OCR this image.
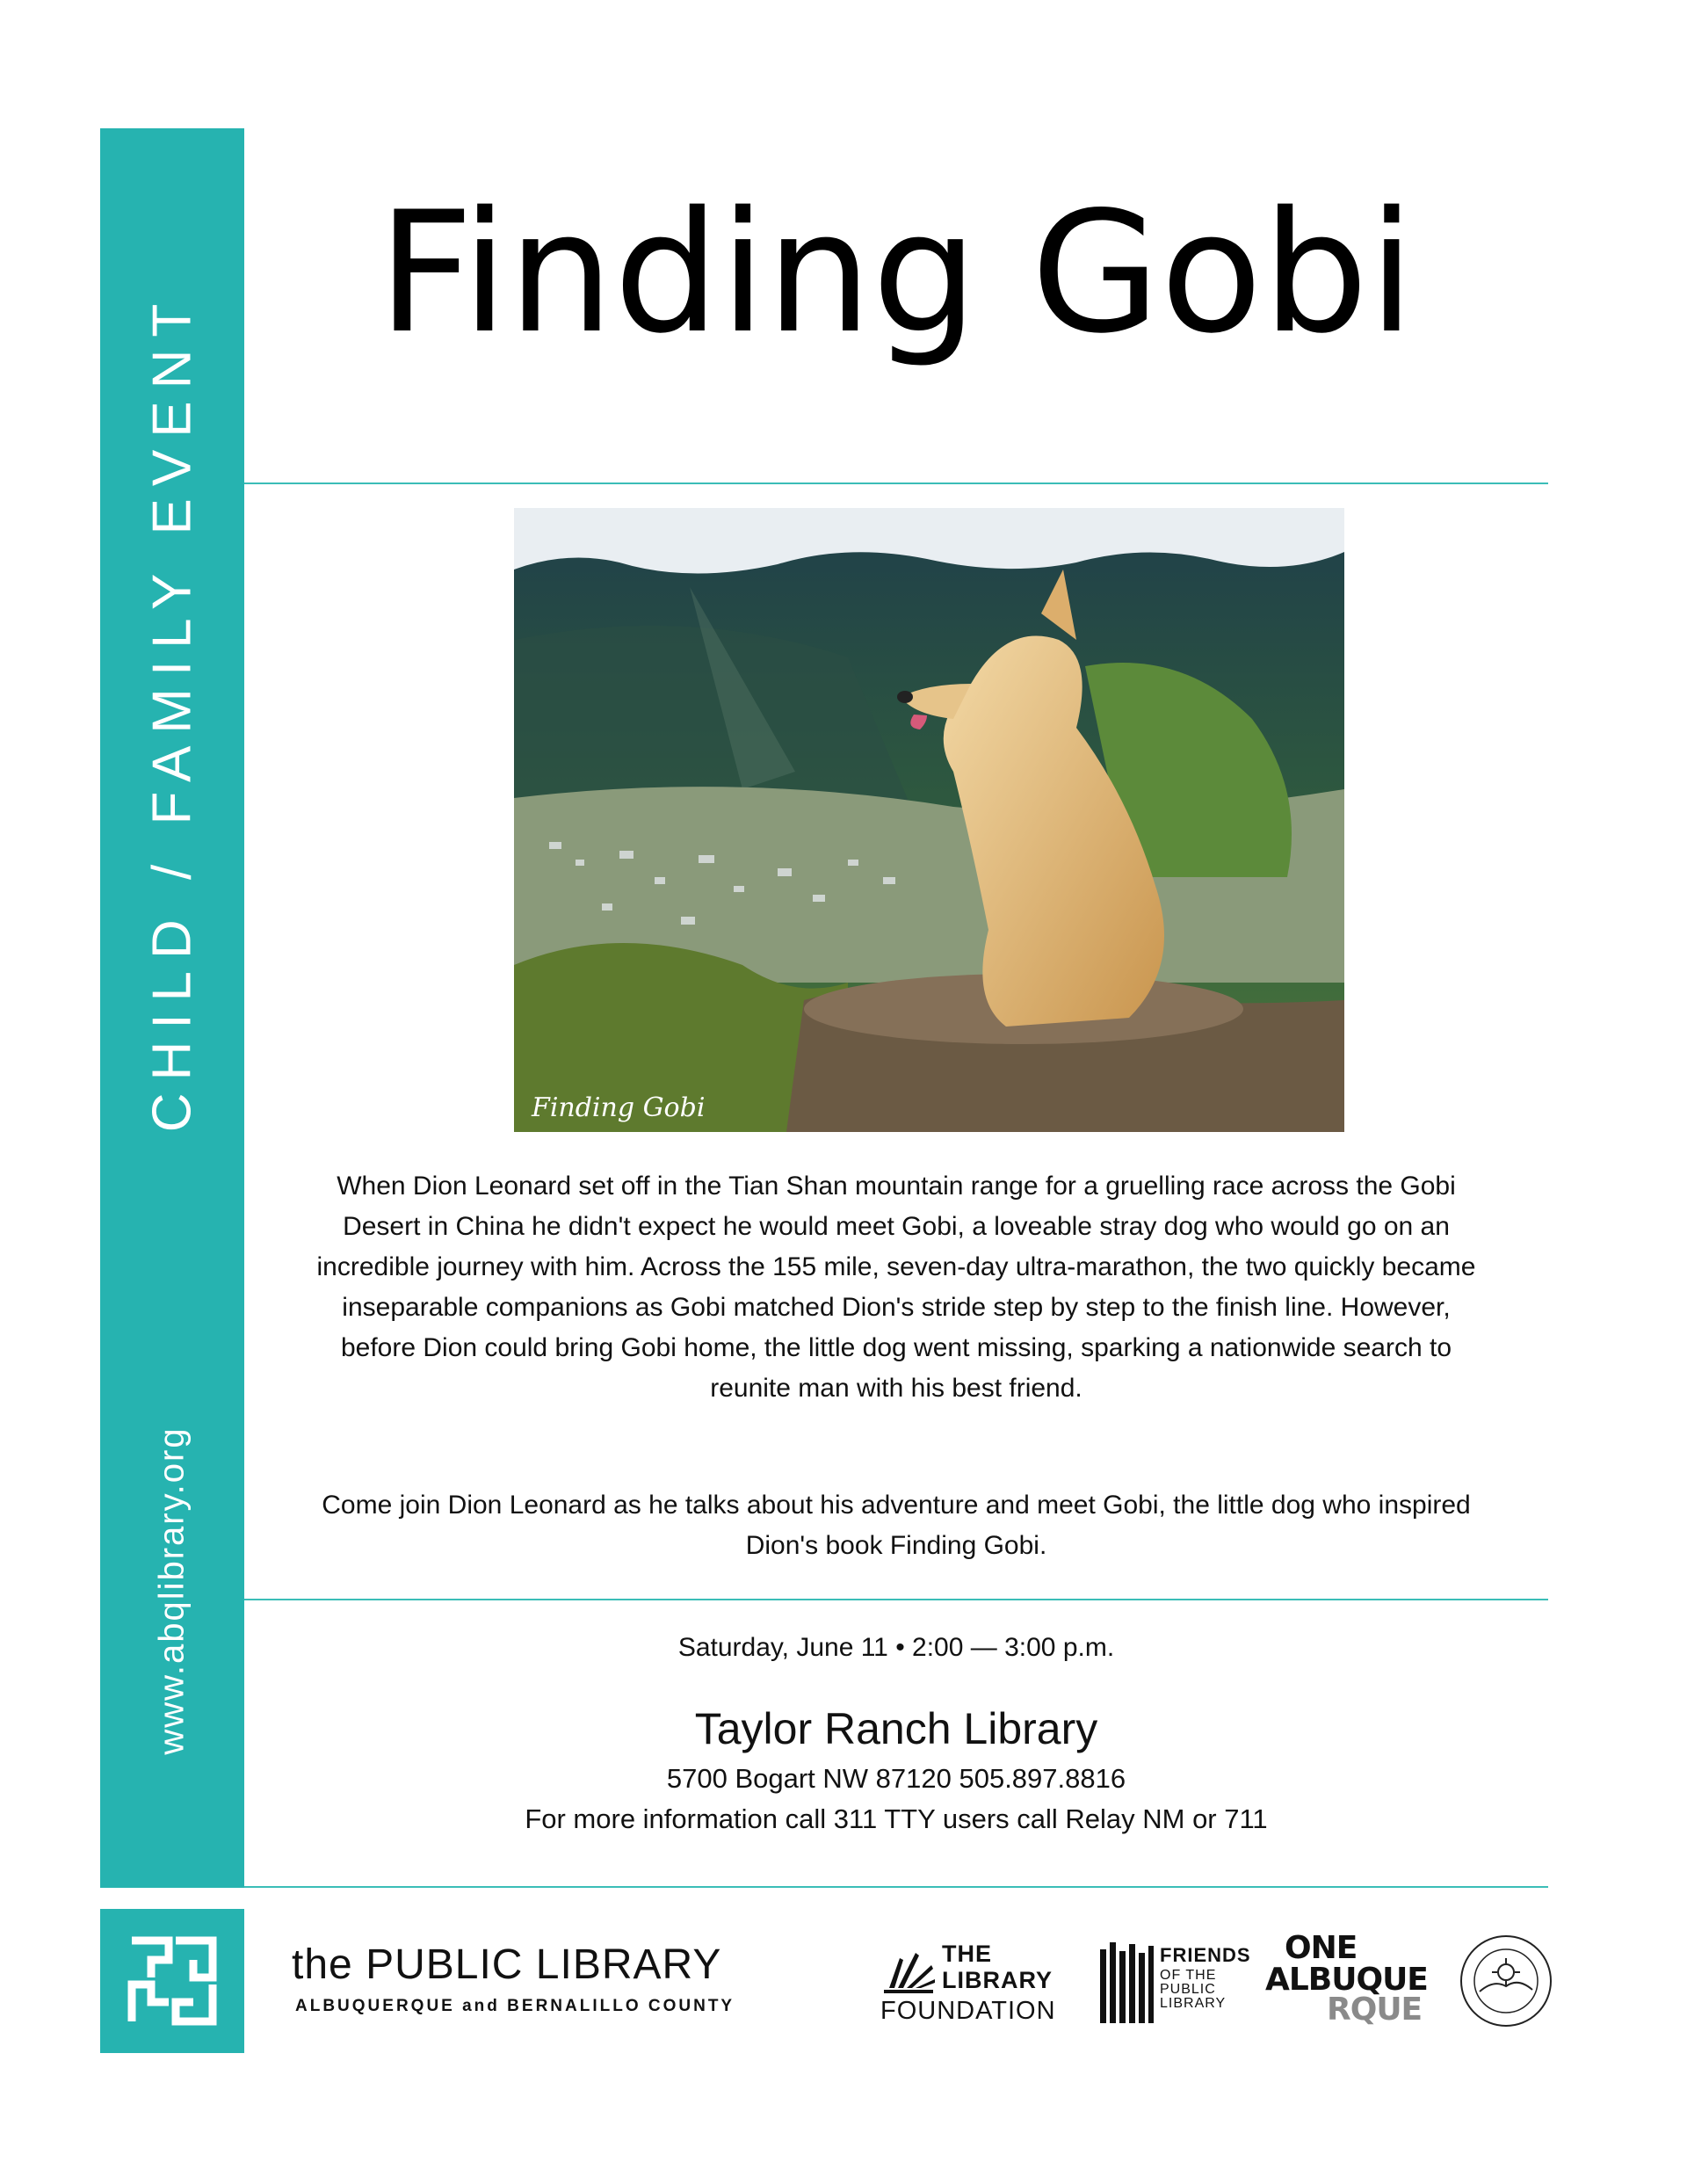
CHILD / FAMILY EVENT
www.abqlibrary.org
Finding Gobi
Finding Gobi

When Dion Leonard set off in the Tian Shan mountain range for a gruelling race across the Gobi Desert in China he didn't expect he would meet Gobi, a loveable stray dog who would go on an incredible journey with him. Across the 155 mile, seven-day ultra-marathon, the two quickly became inseparable companions as Gobi matched Dion's stride step by step to the finish line. However, before Dion could bring Gobi home, the little dog went missing, sparking a nationwide search to reunite man with his best friend.

Come join Dion Leonard as he talks about his adventure and meet Gobi, the little dog who inspired Dion's book Finding Gobi.

Saturday, June 11 • 2:00 — 3:00 p.m.
Taylor Ranch Library
5700 Bogart NW 87120 505.897.8816
For more information call 311 TTY users call Relay NM or 711
the PUBLIC LIBRARY
ALBUQUERQUE and BERNALILLO COUNTY
THE
LIBRARY
FOUNDATION
FRIENDS
OF THE PUBLIC LIBRARY
ONE
ALBUQUE
RQUE
